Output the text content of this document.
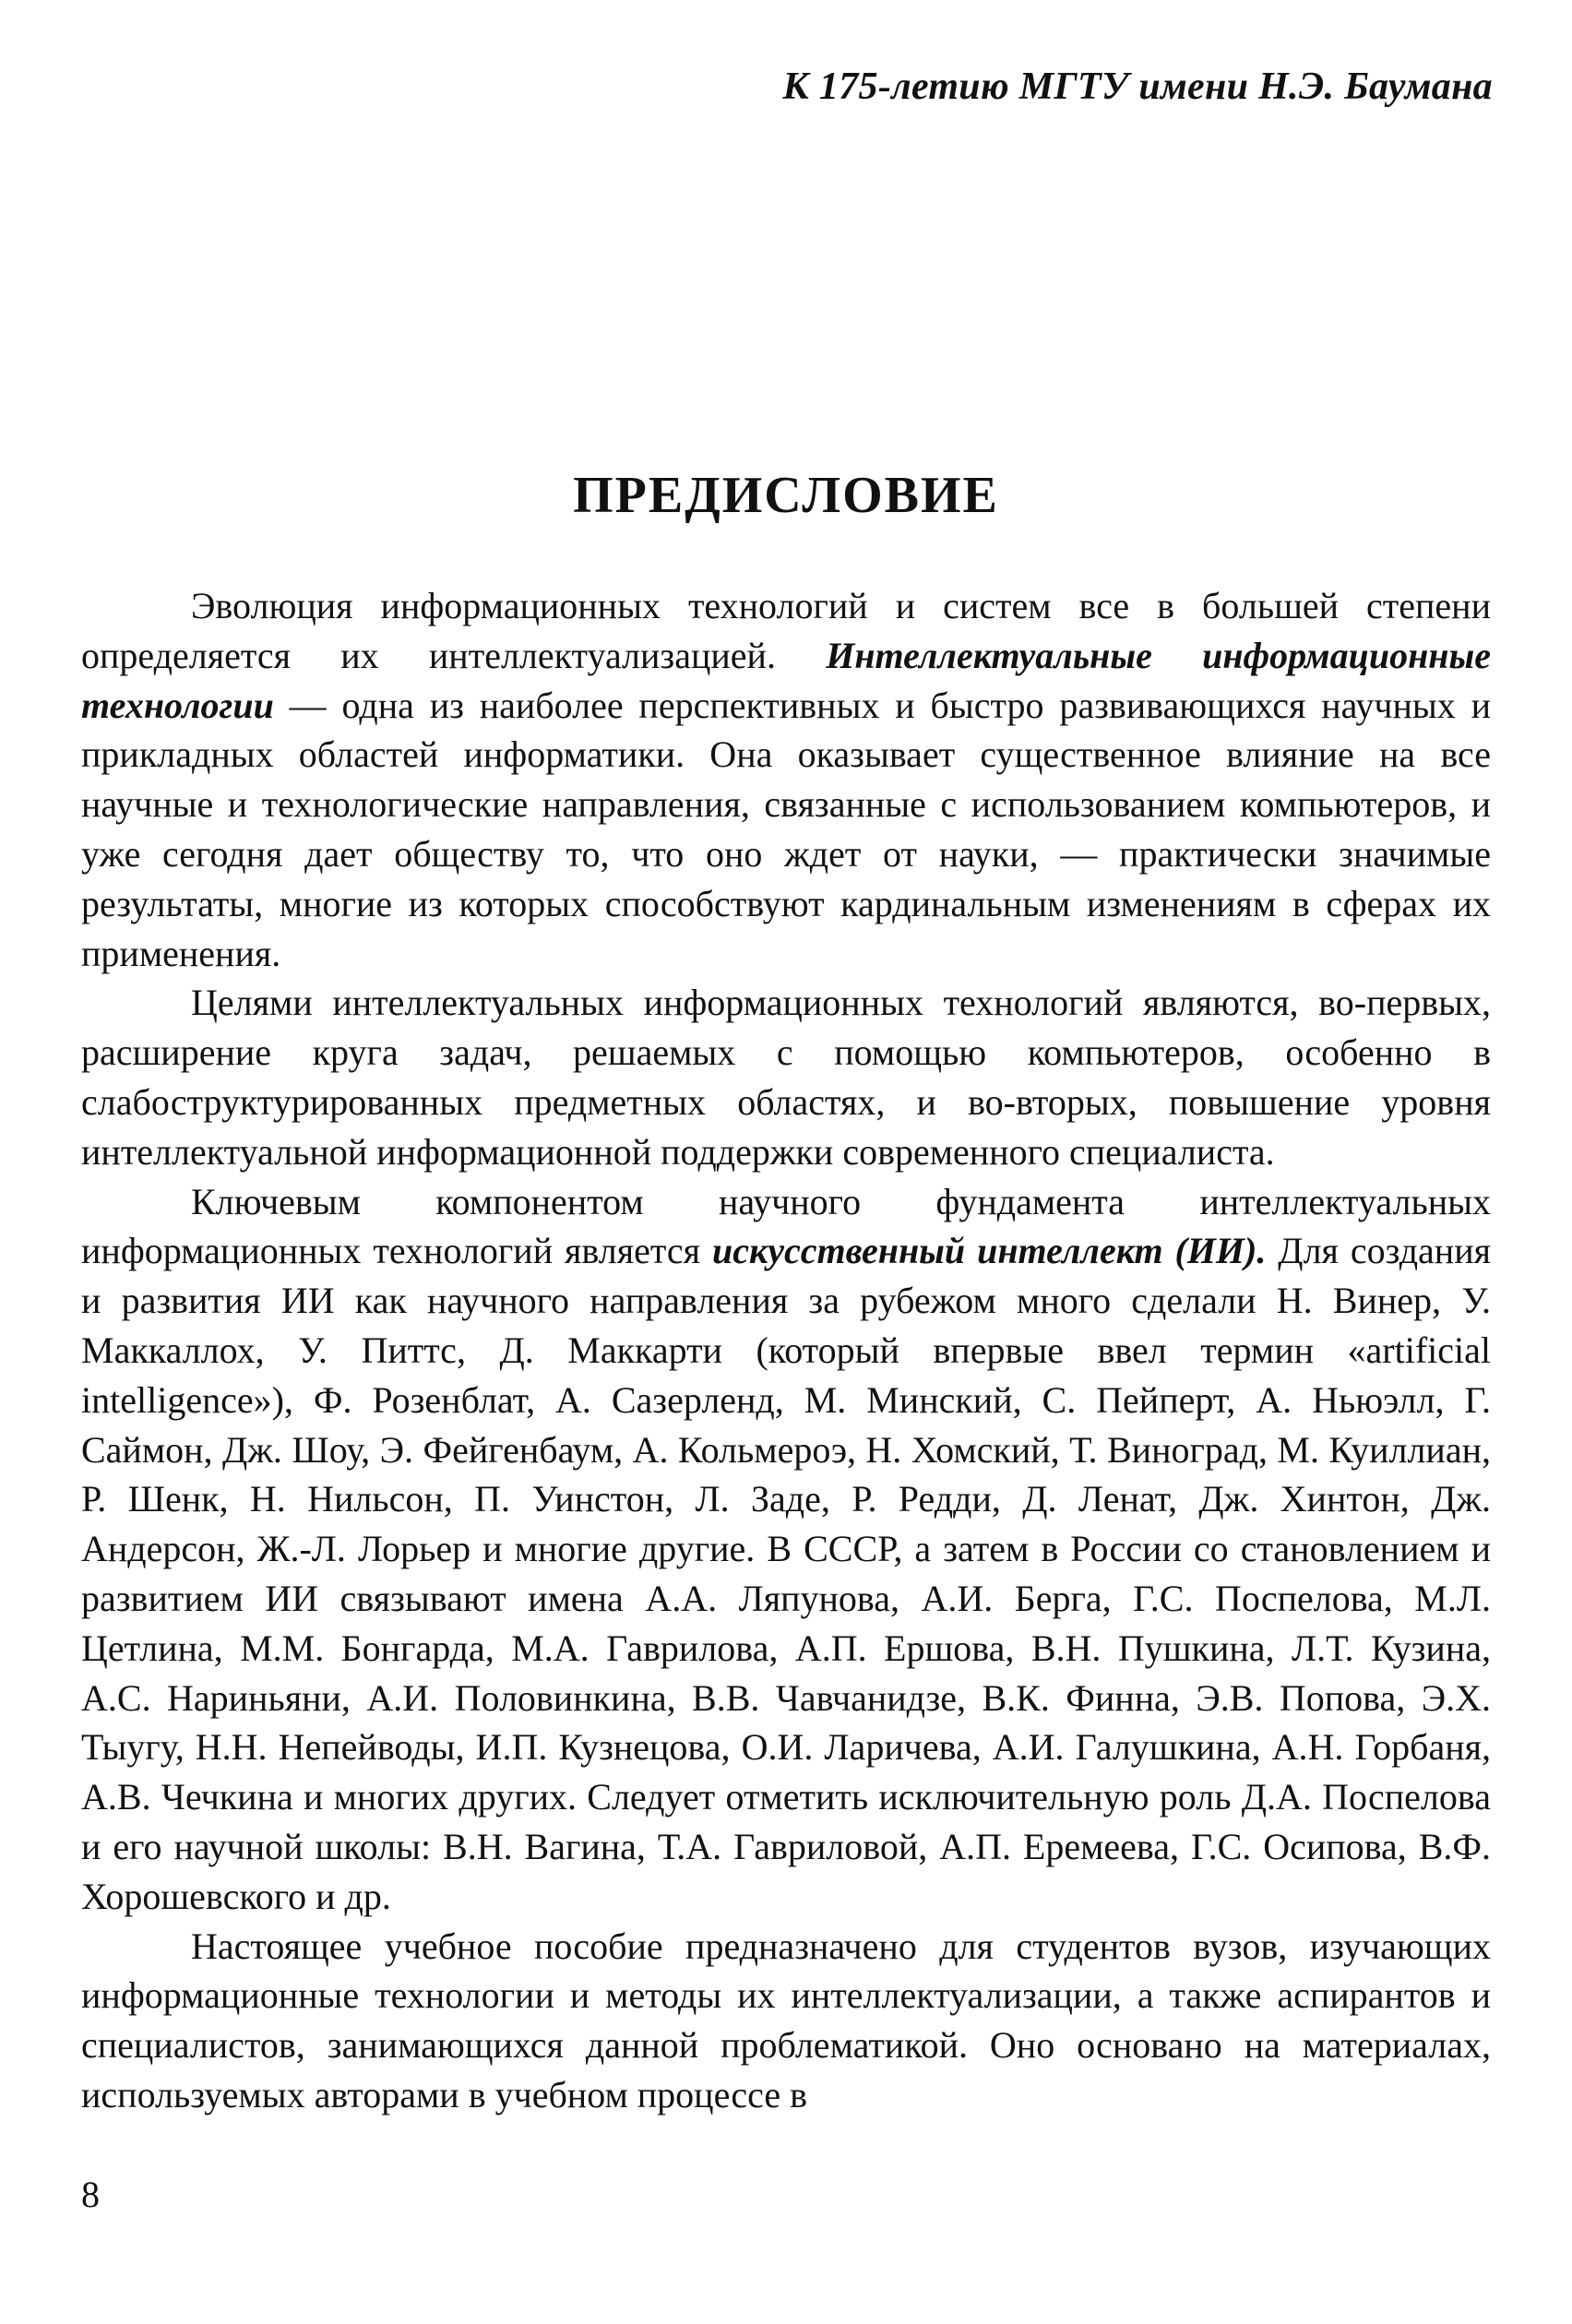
К 175-летию МГТУ имени Н.Э. Баумана
ПРЕДИСЛОВИЕ

Эволюция информационных технологий и систем все в большей степени определяется их интеллектуализацией. Интеллектуальные информационные технологии — одна из наиболее перспективных и быстро развивающихся научных и прикладных областей информатики. Она оказывает существенное влияние на все научные и технологические направления, связанные с использованием компьютеров, и уже сегодня дает обществу то, что оно ждет от науки, — практически значимые результаты, многие из которых способствуют кардинальным изменениям в сферах их применения.

Целями интеллектуальных информационных технологий являются, во-первых, расширение круга задач, решаемых с помощью компьютеров, особенно в слабоструктурированных предметных областях, и во-вторых, повышение уровня интеллектуальной информационной поддержки современного специалиста.

Ключевым компонентом научного фундамента интеллектуальных информационных технологий является искусственный интеллект (ИИ). Для создания и развития ИИ как научного направления за рубежом много сделали Н. Винер, У. Маккаллох, У. Питтс, Д. Маккарти (который впервые ввел термин «artificial intelligence»), Ф. Розенблат, А. Сазерленд, М. Минский, С. Пейперт, А. Ньюэлл, Г. Саймон, Дж. Шоу, Э. Фейгенбаум, А. Кольмероэ, Н. Хомский, Т. Виноград, М. Куиллиан, Р. Шенк, Н. Нильсон, П. Уинстон, Л. Заде, Р. Редди, Д. Ленат, Дж. Хинтон, Дж. Андерсон, Ж.-Л. Лорьер и многие другие. В СССР, а затем в России со становлением и развитием ИИ связывают имена А.А. Ляпунова, А.И. Берга, Г.С. Поспелова, М.Л. Цетлина, М.М. Бонгарда, М.А. Гаврилова, А.П. Ершова, В.Н. Пушкина, Л.Т. Кузина, А.С. Нариньяни, А.И. Половинкина, В.В. Чавчанидзе, В.К. Финна, Э.В. Попова, Э.Х. Тыугу, Н.Н. Непейводы, И.П. Кузнецова, О.И. Ларичева, А.И. Галушкина, А.Н. Горбаня, А.В. Чечкина и многих других. Следует отметить исключительную роль Д.А. Поспелова и его научной школы: В.Н. Вагина, Т.А. Гавриловой, А.П. Еремеева, Г.С. Осипова, В.Ф. Хорошевского и др.

Настоящее учебное пособие предназначено для студентов вузов, изучающих информационные технологии и методы их интеллектуализации, а также аспирантов и специалистов, занимающихся данной проблематикой. Оно основано на материалах, используемых авторами в учебном процессе в

8
